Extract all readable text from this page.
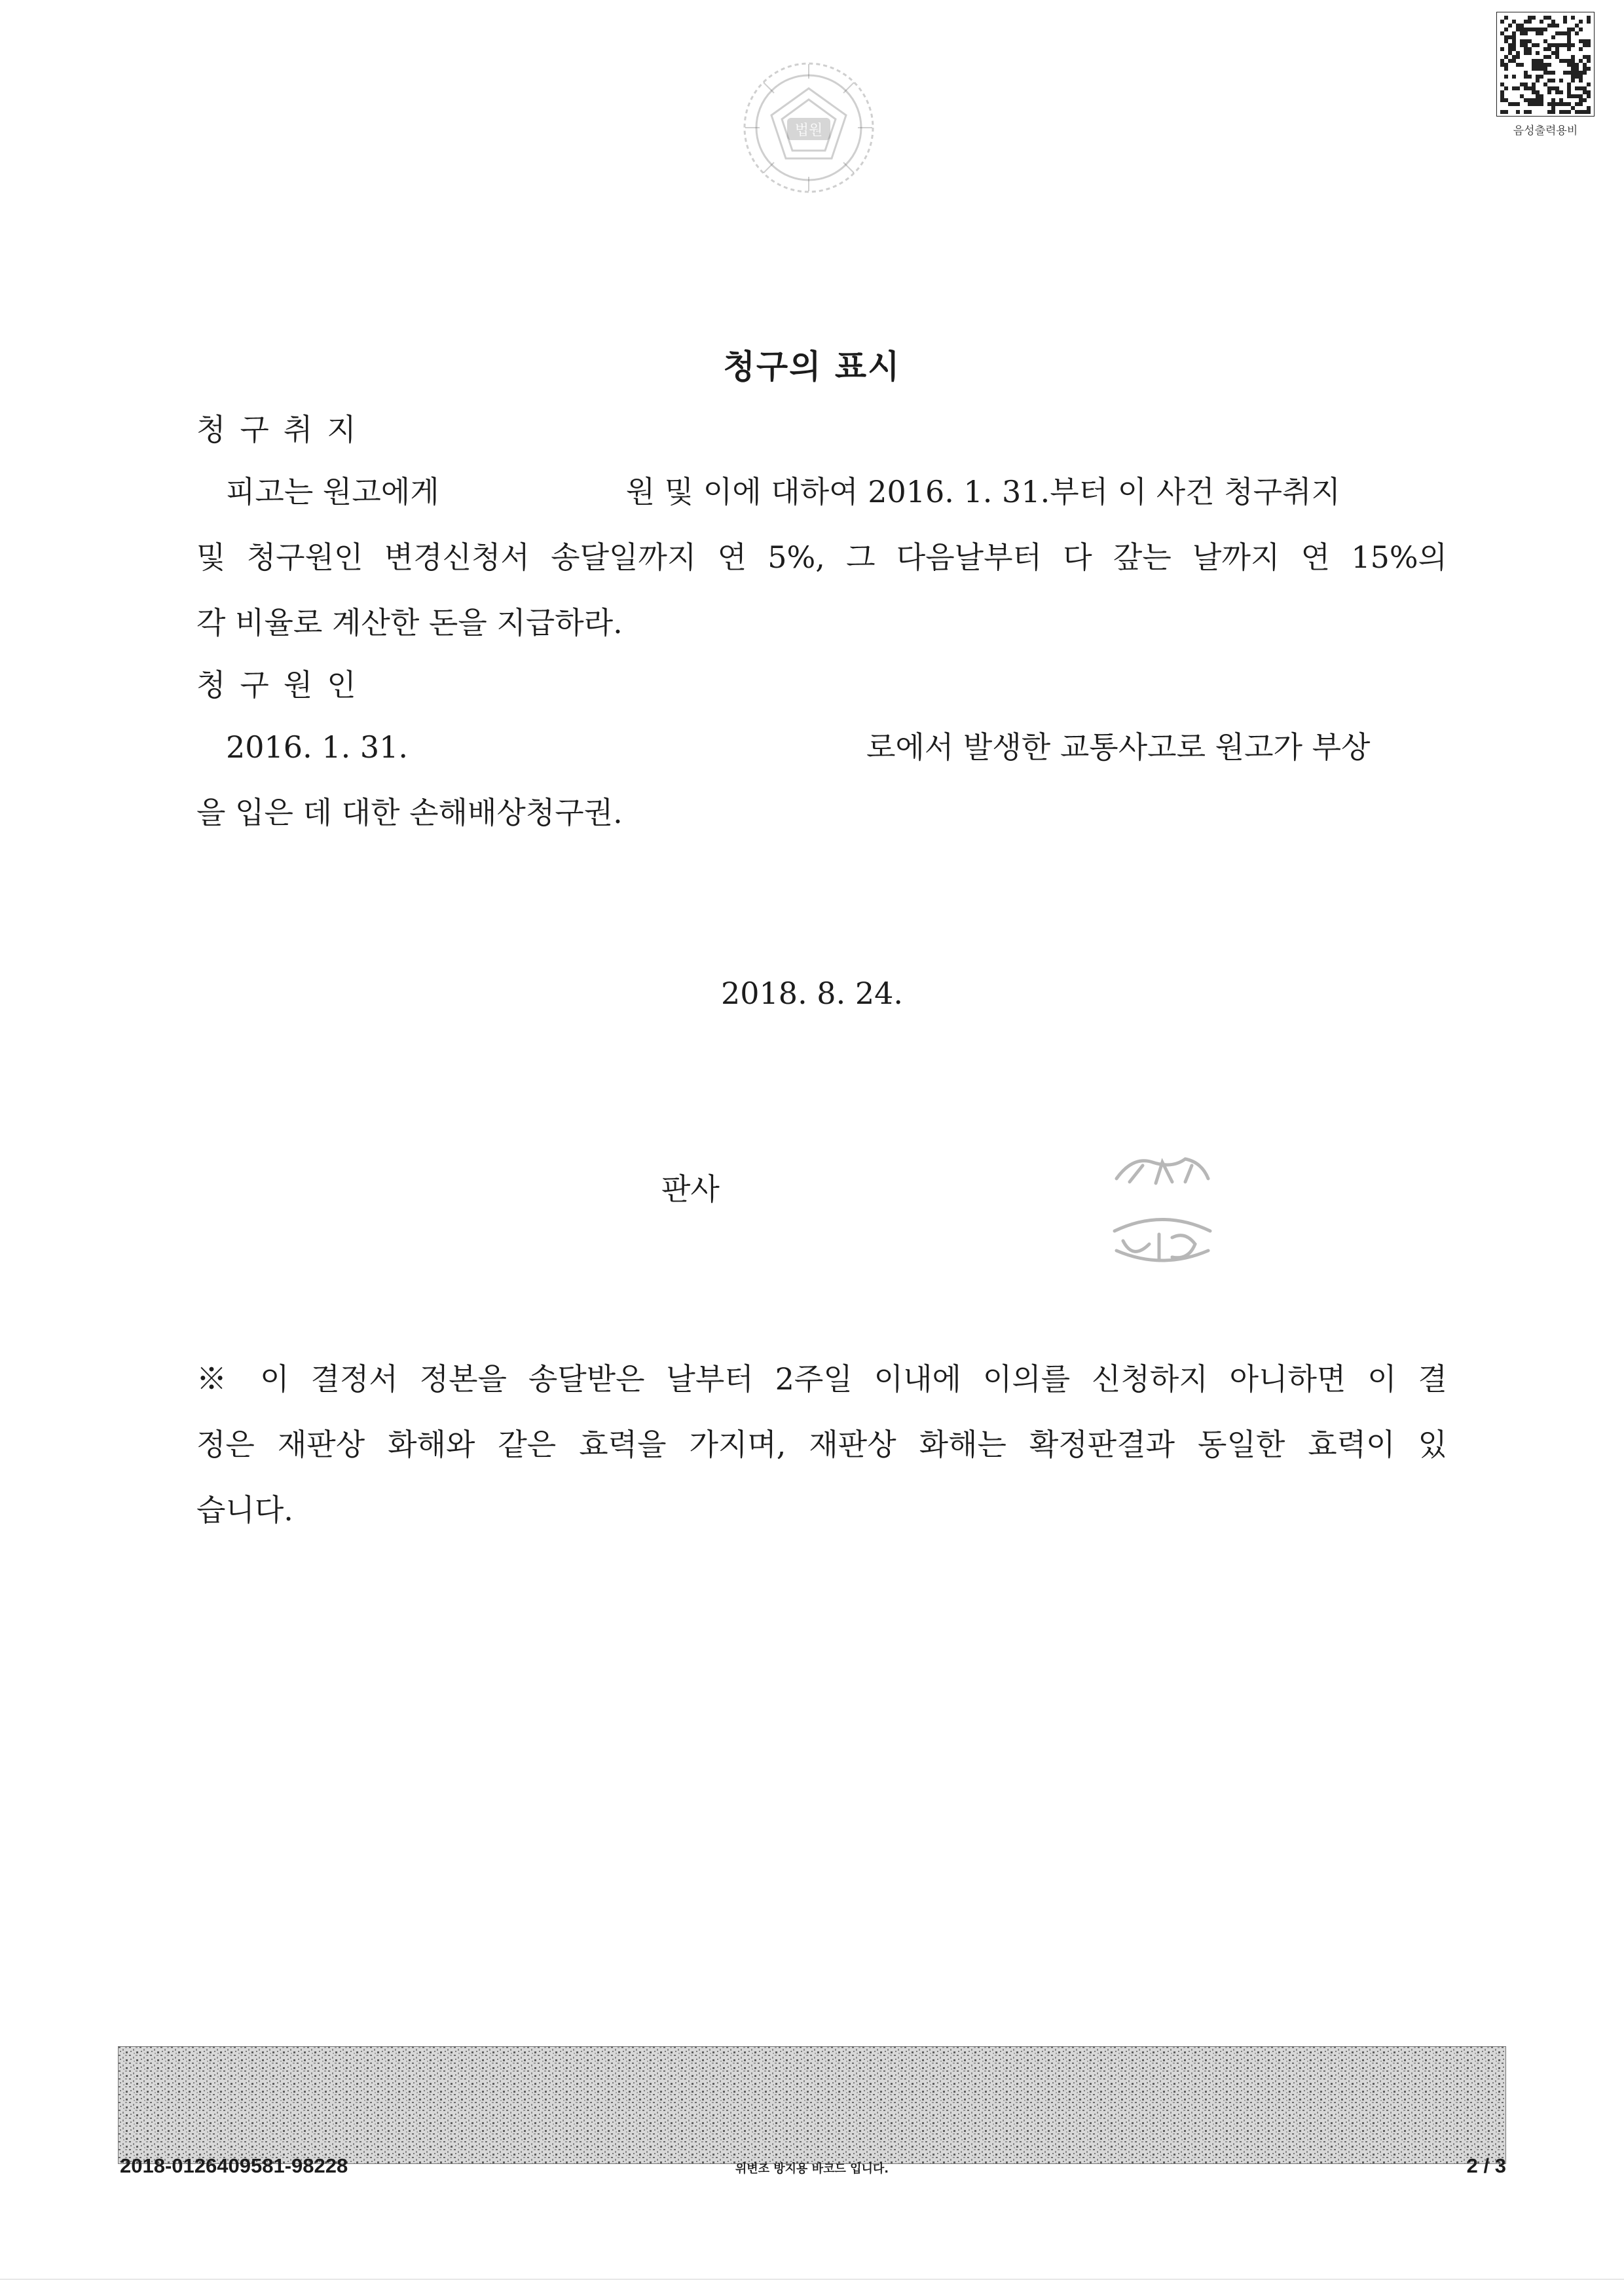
법원	음성출력용비
청구의 표시
청구취지
피고는 원고에게	원 및 이에 대하여 2016. 1. 31.부터 이 사건 청구취지
및 청구원인 변경신청서 송달일까지 연 5%, 그 다음날부터 다 갚는 날까지 연 15%의
각 비율로 계산한 돈을 지급하라.
청구원인
2016. 1. 31.	로에서 발생한 교통사고로 원고가 부상
을 입은 데 대한 손해배상청구권.
2018. 8. 24.
판사
※ 이 결정서 정본을 송달받은 날부터 2주일 이내에 이의를 신청하지 아니하면 이 결
정은 재판상 화해와 같은 효력을 가지며, 재판상 화해는 확정판결과 동일한 효력이 있
습니다.
2018-0126409581-98228	위변조 방지용 바코드 입니다.	2 / 3
